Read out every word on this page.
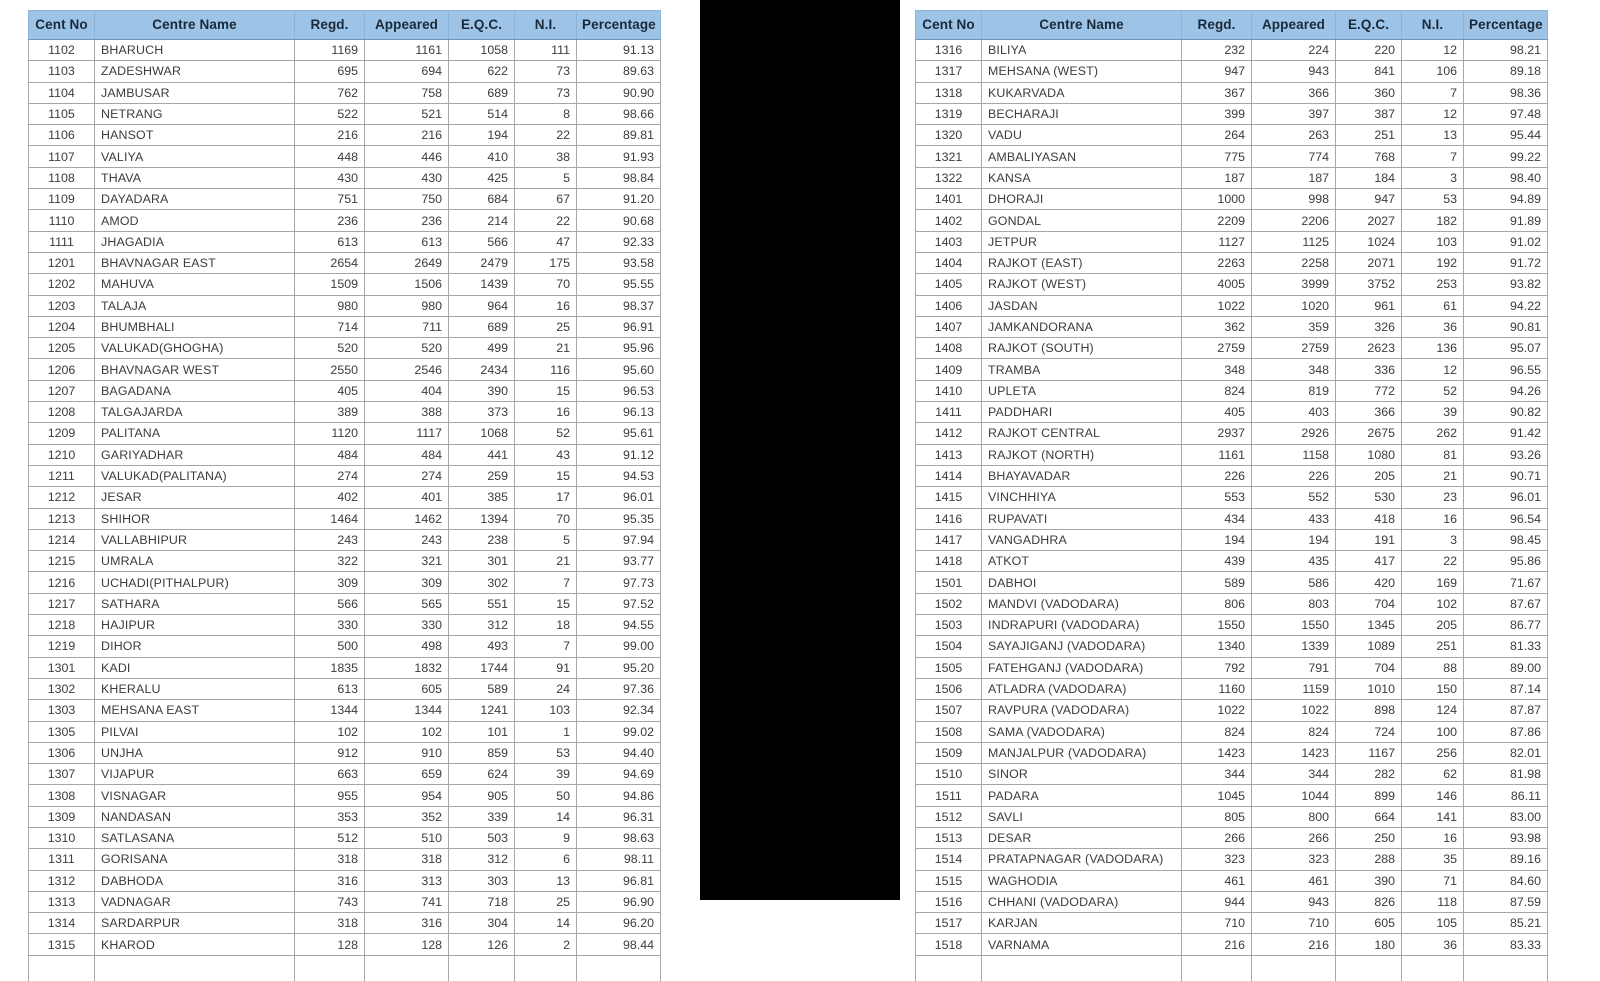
Cent No	Centre Name	Regd.	Appeared	E.Q.C.	N.I.	Percentage
1102	BHARUCH	1169	1161	1058	111	91.13
1103	ZADESHWAR	695	694	622	73	89.63
1104	JAMBUSAR	762	758	689	73	90.90
1105	NETRANG	522	521	514	8	98.66
1106	HANSOT	216	216	194	22	89.81
1107	VALIYA	448	446	410	38	91.93
1108	THAVA	430	430	425	5	98.84
1109	DAYADARA	751	750	684	67	91.20
1110	AMOD	236	236	214	22	90.68
1111	JHAGADIA	613	613	566	47	92.33
1201	BHAVNAGAR EAST	2654	2649	2479	175	93.58
1202	MAHUVA	1509	1506	1439	70	95.55
1203	TALAJA	980	980	964	16	98.37
1204	BHUMBHALI	714	711	689	25	96.91
1205	VALUKAD(GHOGHA)	520	520	499	21	95.96
1206	BHAVNAGAR WEST	2550	2546	2434	116	95.60
1207	BAGADANA	405	404	390	15	96.53
1208	TALGAJARDA	389	388	373	16	96.13
1209	PALITANA	1120	1117	1068	52	95.61
1210	GARIYADHAR	484	484	441	43	91.12
1211	VALUKAD(PALITANA)	274	274	259	15	94.53
1212	JESAR	402	401	385	17	96.01
1213	SHIHOR	1464	1462	1394	70	95.35
1214	VALLABHIPUR	243	243	238	5	97.94
1215	UMRALA	322	321	301	21	93.77
1216	UCHADI(PITHALPUR)	309	309	302	7	97.73
1217	SATHARA	566	565	551	15	97.52
1218	HAJIPUR	330	330	312	18	94.55
1219	DIHOR	500	498	493	7	99.00
1301	KADI	1835	1832	1744	91	95.20
1302	KHERALU	613	605	589	24	97.36
1303	MEHSANA EAST	1344	1344	1241	103	92.34
1305	PILVAI	102	102	101	1	99.02
1306	UNJHA	912	910	859	53	94.40
1307	VIJAPUR	663	659	624	39	94.69
1308	VISNAGAR	955	954	905	50	94.86
1309	NANDASAN	353	352	339	14	96.31
1310	SATLASANA	512	510	503	9	98.63
1311	GORISANA	318	318	312	6	98.11
1312	DABHODA	316	313	303	13	96.81
1313	VADNAGAR	743	741	718	25	96.90
1314	SARDARPUR	318	316	304	14	96.20
1315	KHAROD	128	128	126	2	98.44

Cent No	Centre Name	Regd.	Appeared	E.Q.C.	N.I.	Percentage
1316	BILIYA	232	224	220	12	98.21
1317	MEHSANA (WEST)	947	943	841	106	89.18
1318	KUKARVADA	367	366	360	7	98.36
1319	BECHARAJI	399	397	387	12	97.48
1320	VADU	264	263	251	13	95.44
1321	AMBALIYASAN	775	774	768	7	99.22
1322	KANSA	187	187	184	3	98.40
1401	DHORAJI	1000	998	947	53	94.89
1402	GONDAL	2209	2206	2027	182	91.89
1403	JETPUR	1127	1125	1024	103	91.02
1404	RAJKOT (EAST)	2263	2258	2071	192	91.72
1405	RAJKOT (WEST)	4005	3999	3752	253	93.82
1406	JASDAN	1022	1020	961	61	94.22
1407	JAMKANDORANA	362	359	326	36	90.81
1408	RAJKOT (SOUTH)	2759	2759	2623	136	95.07
1409	TRAMBA	348	348	336	12	96.55
1410	UPLETA	824	819	772	52	94.26
1411	PADDHARI	405	403	366	39	90.82
1412	RAJKOT CENTRAL	2937	2926	2675	262	91.42
1413	RAJKOT (NORTH)	1161	1158	1080	81	93.26
1414	BHAYAVADAR	226	226	205	21	90.71
1415	VINCHHIYA	553	552	530	23	96.01
1416	RUPAVATI	434	433	418	16	96.54
1417	VANGADHRA	194	194	191	3	98.45
1418	ATKOT	439	435	417	22	95.86
1501	DABHOI	589	586	420	169	71.67
1502	MANDVI (VADODARA)	806	803	704	102	87.67
1503	INDRAPURI (VADODARA)	1550	1550	1345	205	86.77
1504	SAYAJIGANJ (VADODARA)	1340	1339	1089	251	81.33
1505	FATEHGANJ (VADODARA)	792	791	704	88	89.00
1506	ATLADRA (VADODARA)	1160	1159	1010	150	87.14
1507	RAVPURA (VADODARA)	1022	1022	898	124	87.87
1508	SAMA (VADODARA)	824	824	724	100	87.86
1509	MANJALPUR (VADODARA)	1423	1423	1167	256	82.01
1510	SINOR	344	344	282	62	81.98
1511	PADARA	1045	1044	899	146	86.11
1512	SAVLI	805	800	664	141	83.00
1513	DESAR	266	266	250	16	93.98
1514	PRATAPNAGAR (VADODARA)	323	323	288	35	89.16
1515	WAGHODIA	461	461	390	71	84.60
1516	CHHANI (VADODARA)	944	943	826	118	87.59
1517	KARJAN	710	710	605	105	85.21
1518	VARNAMA	216	216	180	36	83.33
